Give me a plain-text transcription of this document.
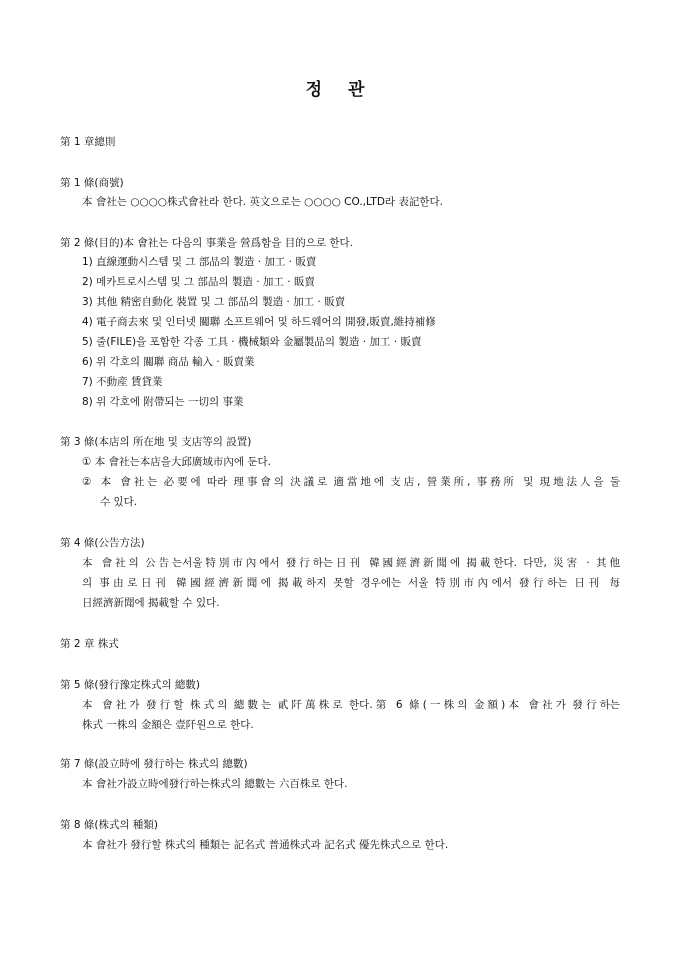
정 관
第 1 章總則
第 1 條(商號)
本 會社는 ○○○○株式會社라 한다. 英文으로는 ○○○○ CO.,LTD라 表記한다.
第 2 條(目的)本 會社는 다음의 事業을 營爲함을 目的으로 한다.
1) 直線運動시스템 및 그 部品의 製造 · 加工 · 販賣
2) 메카트로시스템 및 그 部品의 製造 · 加工 · 販賣
3) 其他 精密自動化 裝置 및 그 部品의 製造 · 加工 · 販賣
4) 電子商去來 및 인터넷 關聯 소프트웨어 및 하드웨어의 開發,販賣,維持補修
5) 줄(FILE)을 포함한 각종 工具 · 機械類와 金屬製品의 製造 · 加工 · 販賣
6) 위 각호의 關聯 商品 輸入 · 販賣業
7) 不動産 賃貸業
8) 위 각호에 附帶되는 一切의 事業
第 3 條(本店의 所在地 및 支店等의 設置)
① 本 會社는本店을大邱廣域市內에 둔다.
② 本 會社는 必要에 따라 理事會의 決議로 適當地에 支店, 營業所, 事務所 및 現地法人을 둘
수 있다.
第 4 條(公告方法)
本 會社의 公告는서울特別市內에서 發行하는日刊 韓國經濟新聞에 揭載한다. 다만, 災害 · 其他
의 事由로日刊 韓國經濟新聞에 揭載하지 못할 경우에는 서울 特別市內에서 發行하는 日刊 每
日經濟新聞에 揭載할 수 있다.
第 2 章 株式
第 5 條(發行豫定株式의 總數)
本 會社가 發行할 株式의 總數는 貳阡萬株로 한다.第 6 條(一株의 金額)本 會社가 發行하는
株式 一株의 金額은 壹阡원으로 한다.
第 7 條(設立時에 發行하는 株式의 總數)
本 會社가設立時에發行하는株式의 總數는 六百株로 한다.
第 8 條(株式의 種類)
本 會社가 發行할 株式의 種類는 記名式 普通株式과 記名式 優先株式으로 한다.
